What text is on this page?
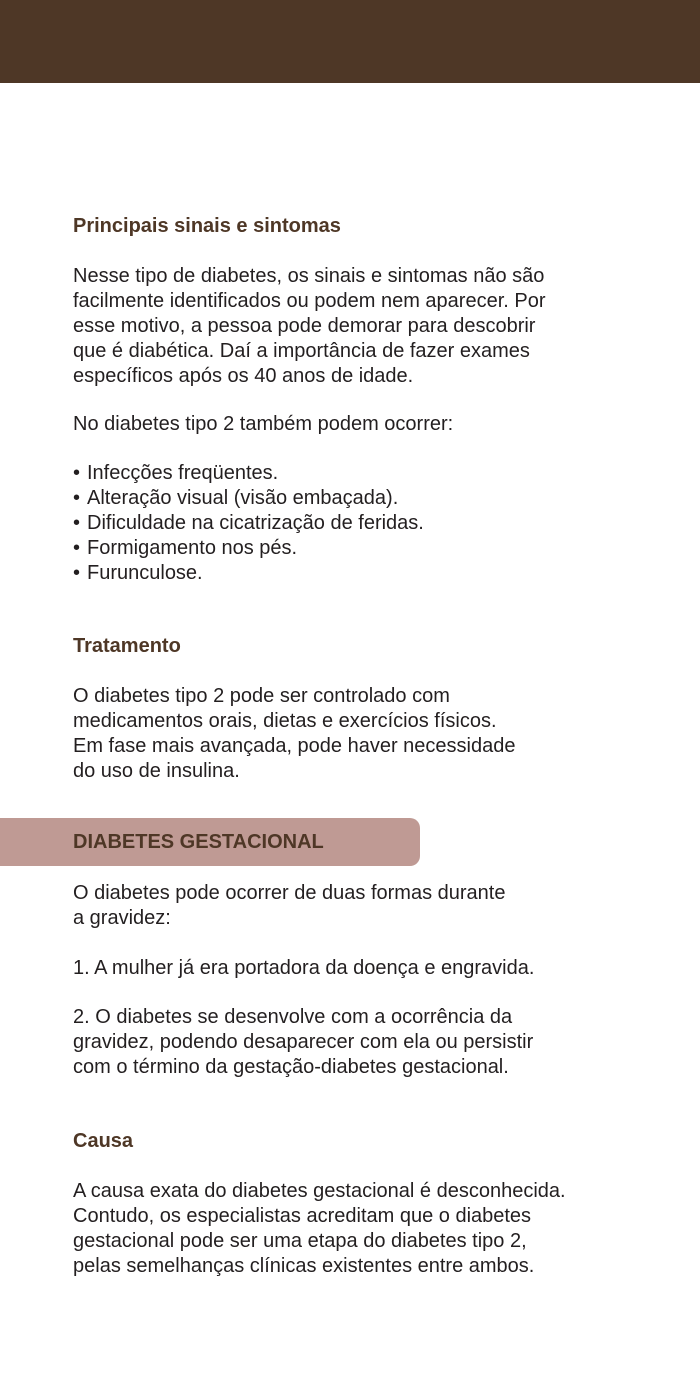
Principais sinais e sintomas

Nesse tipo de diabetes, os sinais e sintomas não são
facilmente identificados ou podem nem aparecer. Por
esse motivo, a pessoa pode demorar para descobrir
que é diabética. Daí a importância de fazer exames
específicos após os 40 anos de idade.

No diabetes tipo 2 também podem ocorrer:

• Infecções freqüentes.
• Alteração visual (visão embaçada).
• Dificuldade na cicatrização de feridas.
• Formigamento nos pés.
• Furunculose.
Tratamento

O diabetes tipo 2 pode ser controlado com
medicamentos orais, dietas e exercícios físicos.
Em fase mais avançada, pode haver necessidade
do uso de insulina.

DIABETES GESTACIONAL

O diabetes pode ocorrer de duas formas durante
a gravidez:

1. A mulher já era portadora da doença e engravida.

2. O diabetes se desenvolve com a ocorrência da
gravidez, podendo desaparecer com ela ou persistir
com o término da gestação-diabetes gestacional.

Causa

A causa exata do diabetes gestacional é desconhecida.
Contudo, os especialistas acreditam que o diabetes
gestacional pode ser uma etapa do diabetes tipo 2,
pelas semelhanças clínicas existentes entre ambos.
